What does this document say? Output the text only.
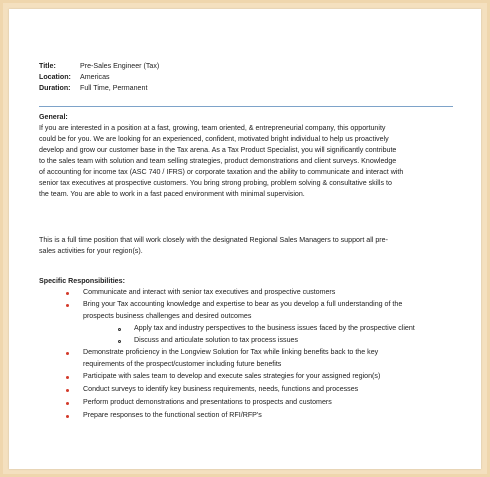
Title:	Pre-Sales Engineer (Tax)
Location: Americas
Duration: Full Time, Permanent
General:
If you are interested in a position at a fast, growing, team oriented, & entrepreneurial company, this opportunity
could be for you. We are looking for an experienced, confident, motivated bright individual to help us proactively
develop and grow our customer base in the Tax arena. As a Tax Product Specialist, you will significantly contribute
to the sales team with solution and team selling strategies, product demonstrations and client surveys. Knowledge
of accounting for income tax (ASC 740 / IFRS) or corporate taxation and the ability to communicate and interact with
senior tax executives at prospective customers. You bring strong probing, problem solving & consultative skills to
the team. You are able to work in a fast paced environment with minimal supervision.
This is a full time position that will work closely with the designated Regional Sales Managers to support all pre-
sales activities for your region(s).
Specific Responsibilities:
Communicate and interact with senior tax executives and prospective customers
Bring your Tax accounting knowledge and expertise to bear as you develop a full understanding of the
prospects business challenges and desired outcomes
Apply tax and industry perspectives to the business issues faced by the prospective client
Discuss and articulate solution to tax process issues
Demonstrate proficiency in the Longview Solution for Tax while linking benefits back to the key
requirements of the prospect/customer including future benefits
Participate with sales team to develop and execute sales strategies for your assigned region(s)
Conduct surveys to identify key business requirements, needs, functions and processes
Perform product demonstrations and presentations to prospects and customers
Prepare responses to the functional section of RFI/RFP's
